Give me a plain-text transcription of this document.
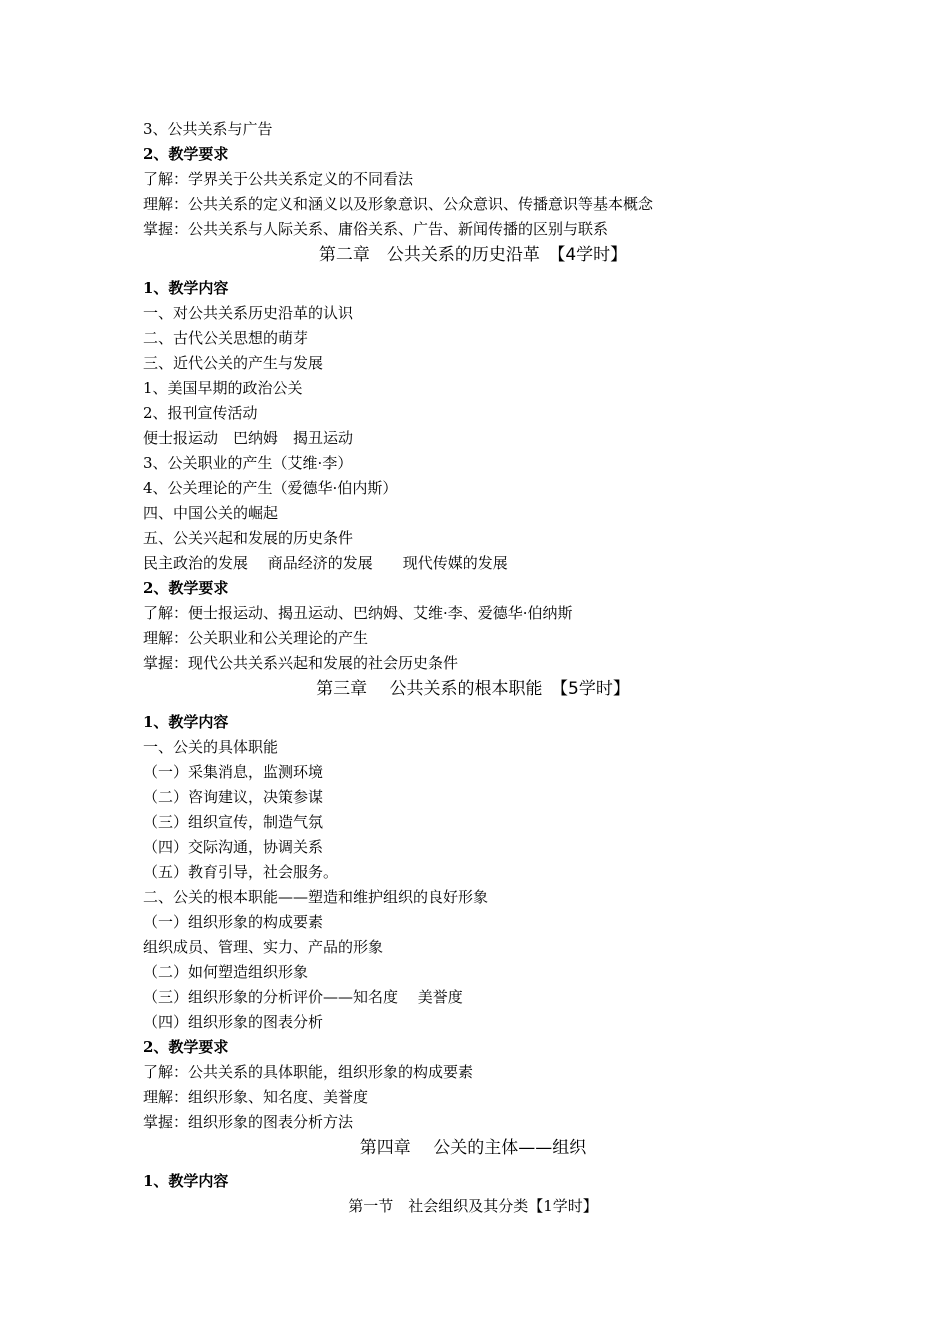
3、公共关系与广告
2、教学要求
了解：学界关于公共关系定义的不同看法
理解：公共关系的定义和涵义以及形象意识、公众意识、传播意识等基本概念
掌握：公共关系与人际关系、庸俗关系、广告、新闻传播的区别与联系
第二章　公共关系的历史沿革　【4学时】
1、教学内容
一、对公共关系历史沿革的认识
二、古代公关思想的萌芽
三、近代公关的产生与发展
1、美国早期的政治公关
2、报刊宣传活动
便士报运动　巴纳姆　揭丑运动
3、公关职业的产生（艾维·李）
4、公关理论的产生（爱德华·伯内斯）
四、中国公关的崛起
五、公关兴起和发展的历史条件
民主政治的发展　 商品经济的发展　　现代传媒的发展
2、教学要求
了解：便士报运动、揭丑运动、巴纳姆、艾维·李、爱德华·伯纳斯
理解：公关职业和公关理论的产生
掌握：现代公共关系兴起和发展的社会历史条件
第三章　 公共关系的根本职能　【5学时】
1、教学内容
一、公关的具体职能
（一）采集消息，监测环境
（二）咨询建议，决策参谋
（三）组织宣传，制造气氛
（四）交际沟通，协调关系
（五）教育引导，社会服务。
二、公关的根本职能——塑造和维护组织的良好形象
（一）组织形象的构成要素
组织成员、管理、实力、产品的形象
（二）如何塑造组织形象
（三）组织形象的分析评价——知名度　 美誉度
（四）组织形象的图表分析
2、教学要求
了解：公共关系的具体职能，组织形象的构成要素
理解：组织形象、知名度、美誉度
掌握：组织形象的图表分析方法
第四章　 公关的主体——组织
1、教学内容
第一节　社会组织及其分类【1学时】
